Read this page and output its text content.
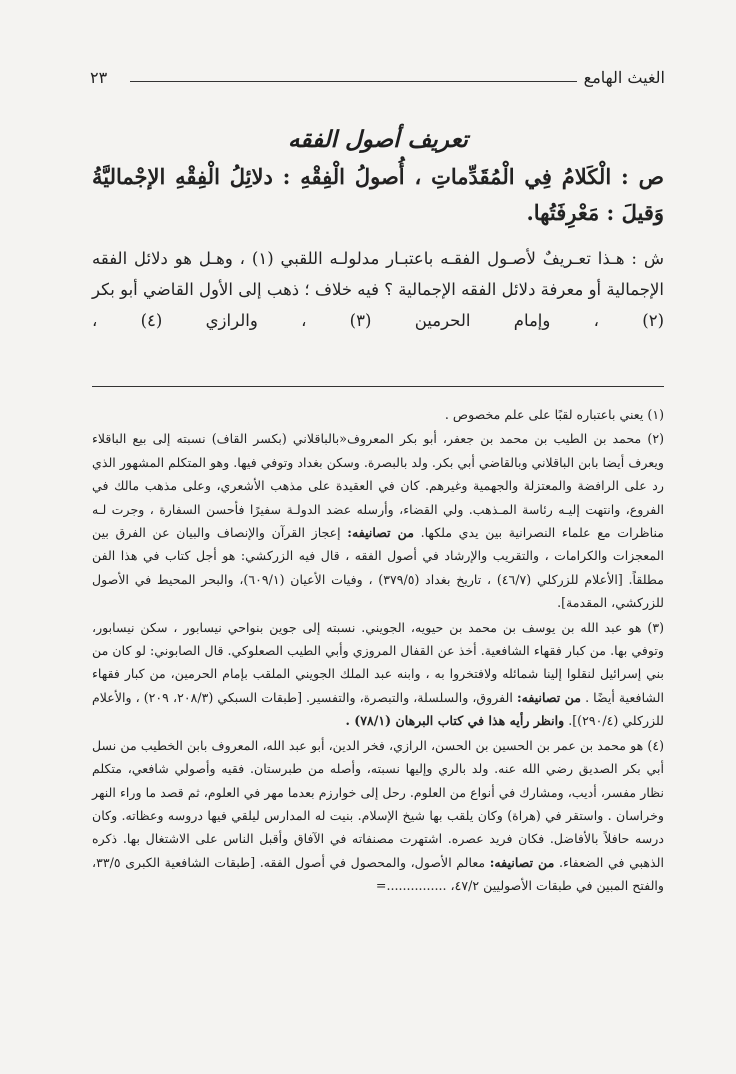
الغيث الهامع
٢٣
تعريف أصول الفقه

ص : الْكَلامُ فِي الْمُقَدِّماتِ ، أُصولُ الْفِقْهِ : دلائِلُ الْفِقْهِ الإجْماليَّةُ وَقيلَ : مَعْرِفَتُها.

ش : هـذا تعـريفٌ لأصـول الفقـه باعتبـار مدلولـه اللقبي (١) ، وهـل هو دلائل الفقه الإجمالية أو معرفة دلائل الفقه الإجمالية ؟ فيه خلاف ؛ ذهب إلى الأول القاضي أبو بكر (٢) ، وإمام الحرمين (٣) ، والرازي (٤) ،

(١) يعني باعتباره لقبًا على علم مخصوص .

(٢) محمد بن الطيب بن محمد بن جعفر، أبو بكر المعروف«بالباقلاني (بكسر القاف) نسبته إلى بيع الباقلاء ويعرف أيضا بابن الباقلاني وبالقاضي أبي بكر. ولد بالبصرة. وسكن بغداد وتوفي فيها. وهو المتكلم المشهور الذي رد على الرافضة والمعتزلة والجهمية وغيرهم. كان في العقيدة على مذهب الأشعري، وعلى مذهب مالك في الفروع، وانتهت إليـه رئاسة المـذهب. ولي القضاء، وأرسله عضد الدولـة سفيرًا فأحسن السفارة ، وجرت لـه مناظرات مع علماء النصرانية بين يدي ملكها. من تصانيفه: إعجاز القرآن والإنصاف والبيان عن الفرق بين المعجزات والكرامات ، والتقريب والإرشاد في أصول الفقه ، قال فيه الزركشي: هو أجل كتاب في هذا الفن مطلقاً. [الأعلام للزركلي (٤٦/٧) ، تاريخ بغداد (٣٧٩/٥) ، وفيات الأعيان (٦٠٩/١)، والبحر المحيط في الأصول للزركشي، المقدمة].

(٣) هو عبد الله بن يوسف بن محمد بن حيويه، الجويني. نسبته إلى جوين بنواحي نيسابور ، سكن نيسابور، وتوفي بها. من كبار فقهاء الشافعية. أخذ عن القفال المروزي وأبي الطيب الصعلوكي. قال الصابوني: لو كان من بني إسرائيل لنقلوا إلينا شمائله ولافتخروا به ، وابنه عبد الملك الجويني الملقب بإمام الحرمين، من كبار فقهاء الشافعية أيضًا . من تصانيفه: الفروق، والسلسلة، والتبصرة، والتفسير. [طبقات السبكي (٢٠٨/٣، ٢٠٩) ، والأعلام للزركلي (٢٩٠/٤)]. وانظر رأيه هذا في كتاب البرهان (٧٨/١) .

(٤) هو محمد بن عمر بن الحسين بن الحسن، الرازي، فخر الدين، أبو عبد الله، المعروف بابن الخطيب من نسل أبي بكر الصديق رضي الله عنه. ولد بالري وإليها نسبته، وأصله من طبرستان. فقيه وأصولي شافعي، متكلم نظار مفسر، أديب، ومشارك في أنواع من العلوم. رحل إلى خوارزم بعدما مهر في العلوم، ثم قصد ما وراء النهر وخراسان . واستقر في (هراة) وكان يلقب بها شيخ الإسلام. بنيت له المدارس ليلقي فيها دروسه وعظاته. وكان درسه حافلاً بالأفاضل. فكان فريد عصره. اشتهرت مصنفاته في الآفاق وأقبل الناس على الاشتغال بها. ذكره الذهبي في الضعفاء. من تصانيفه: معالم الأصول، والمحصول في أصول الفقه. [طبقات الشافعية الكبرى ٣٣/٥، والفتح المبين في طبقات الأصوليين ٤٧/٢، ...............=
